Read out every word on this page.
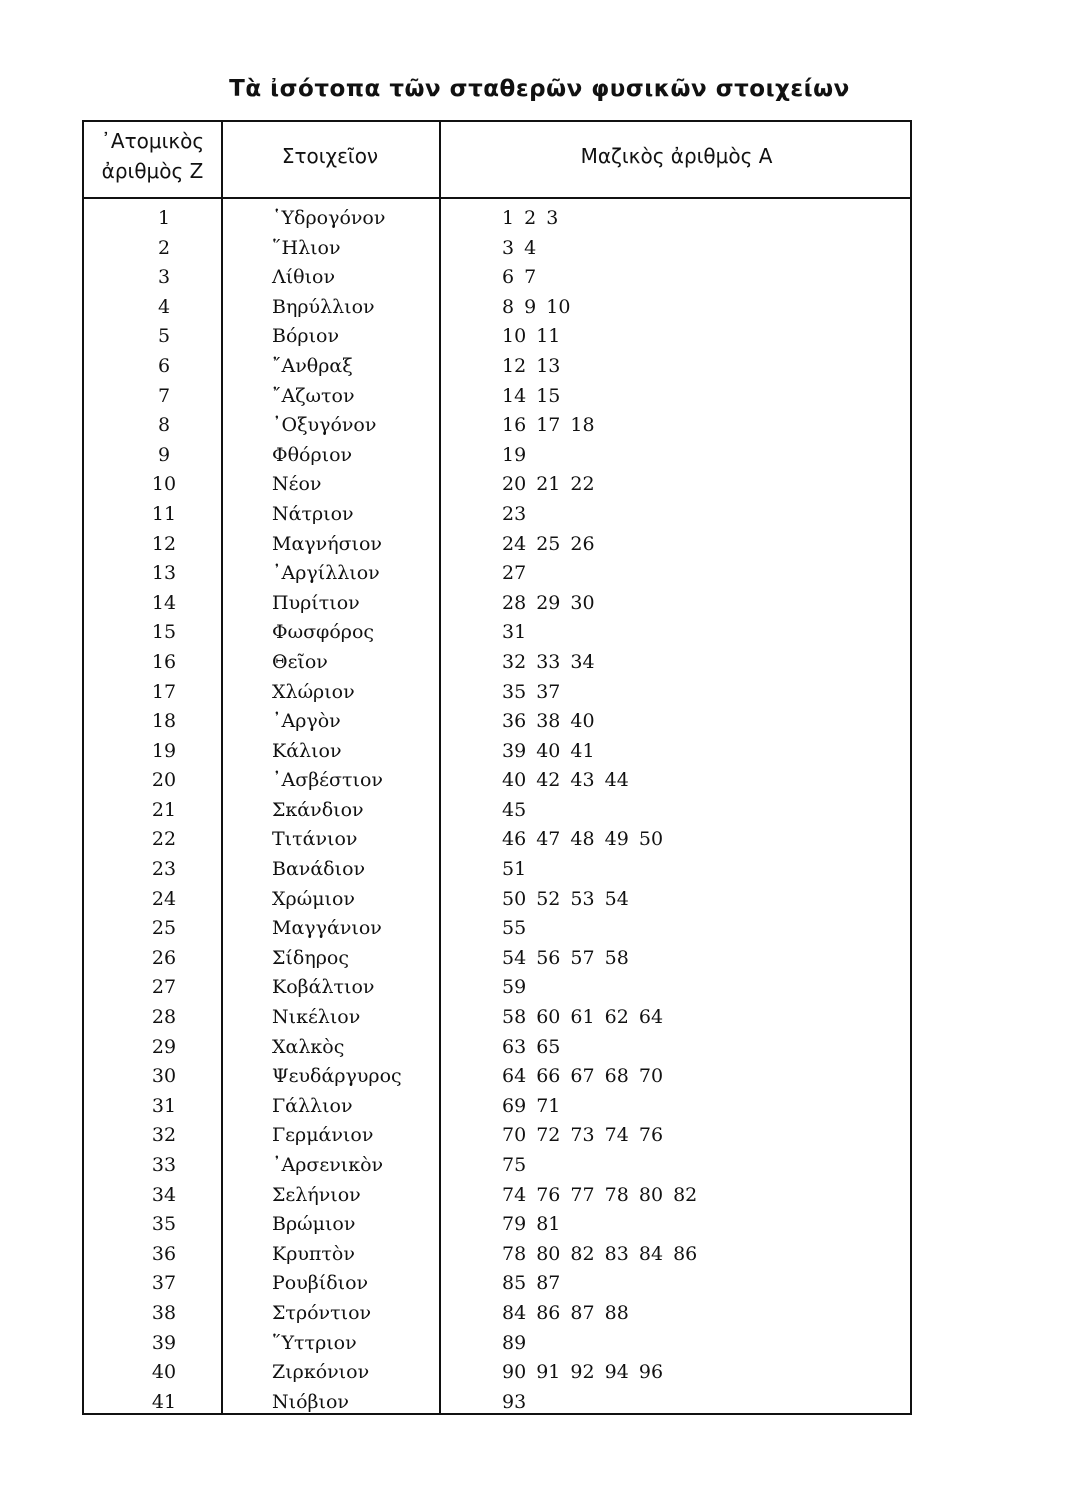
Τὰ ἰσότοπα τῶν σταθερῶν φυσικῶν στοιχείων
᾿Ατομικὸς
ἀριθμὸς Ζ
Στοιχεῖον	Μαζικὸς ἀριθμὸς Α
1	῾Υδρογόνον	1 2 3
2	῞Ηλιον	3 4
3	Λίθιον	6 7
4	Βηρύλλιον	8 9 10
5	Βόριον	10 11
6	῎Ανθραξ	12 13
7	῎Αζωτον	14 15
8	᾿Οξυγόνον	16 17 18
9	Φθόριον	19
10	Νέον	20 21 22
11	Νάτριον	23
12	Μαγνήσιον	24 25 26
13	᾿Αργίλλιον	27
14	Πυρίτιον	28 29 30
15	Φωσφόρος	31
16	Θεῖον	32 33 34
17	Χλώριον	35 37
18	᾿Αργὸν	36 38 40
19	Κάλιον	39 40 41
20	᾿Ασβέστιον	40 42 43 44
21	Σκάνδιον	45
22	Τιτάνιον	46 47 48 49 50
23	Βανάδιον	51
24	Χρώμιον	50 52 53 54
25	Μαγγάνιον	55
26	Σίδηρος	54 56 57 58
27	Κοβάλτιον	59
28	Νικέλιον	58 60 61 62 64
29	Χαλκὸς	63 65
30	Ψευδάργυρος	64 66 67 68 70
31	Γάλλιον	69 71
32	Γερμάνιον	70 72 73 74 76
33	᾿Αρσενικὸν	75
34	Σελήνιον	74 76 77 78 80 82
35	Βρώμιον	79 81
36	Κρυπτὸν	78 80 82 83 84 86
37	Ρουβίδιον	85 87
38	Στρόντιον	84 86 87 88
39	῞Υττριον	89
40	Ζιρκόνιον	90 91 92 94 96
41	Νιόβιον	93
